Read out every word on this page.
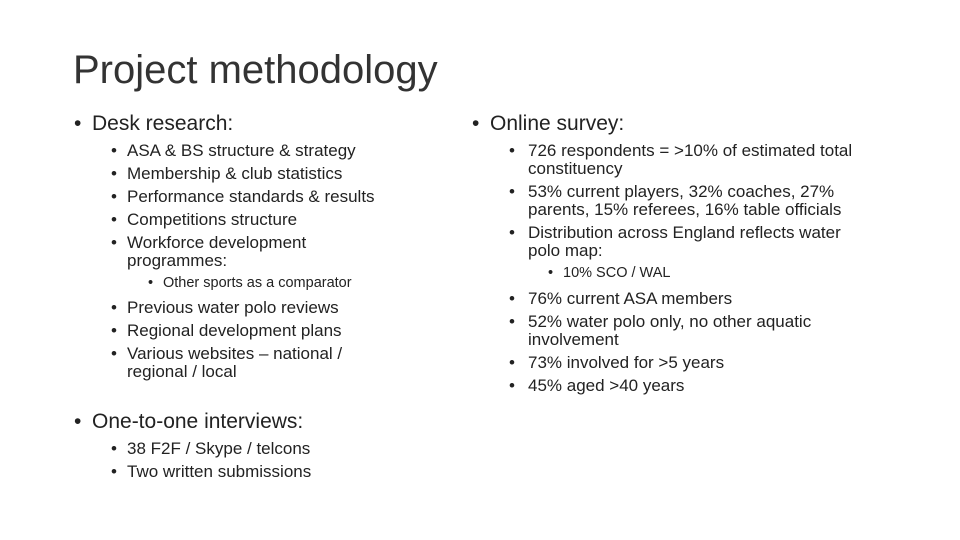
Project methodology
• Desk research:
• ASA & BS structure & strategy
• Membership & club statistics
• Performance standards & results
• Competitions structure
• Workforce development programmes:
• Other sports as a comparator
• Previous water polo reviews
• Regional development plans
• Various websites – national / regional / local
• One-to-one interviews:
• 38 F2F / Skype / telcons
• Two written submissions
• Online survey:
• 726 respondents = >10% of estimated total constituency
• 53% current players, 32% coaches, 27% parents, 15% referees, 16% table officials
• Distribution across England reflects water polo map:
• 10% SCO / WAL
• 76% current ASA members
• 52% water polo only, no other aquatic involvement
• 73% involved for >5 years
• 45% aged >40 years
